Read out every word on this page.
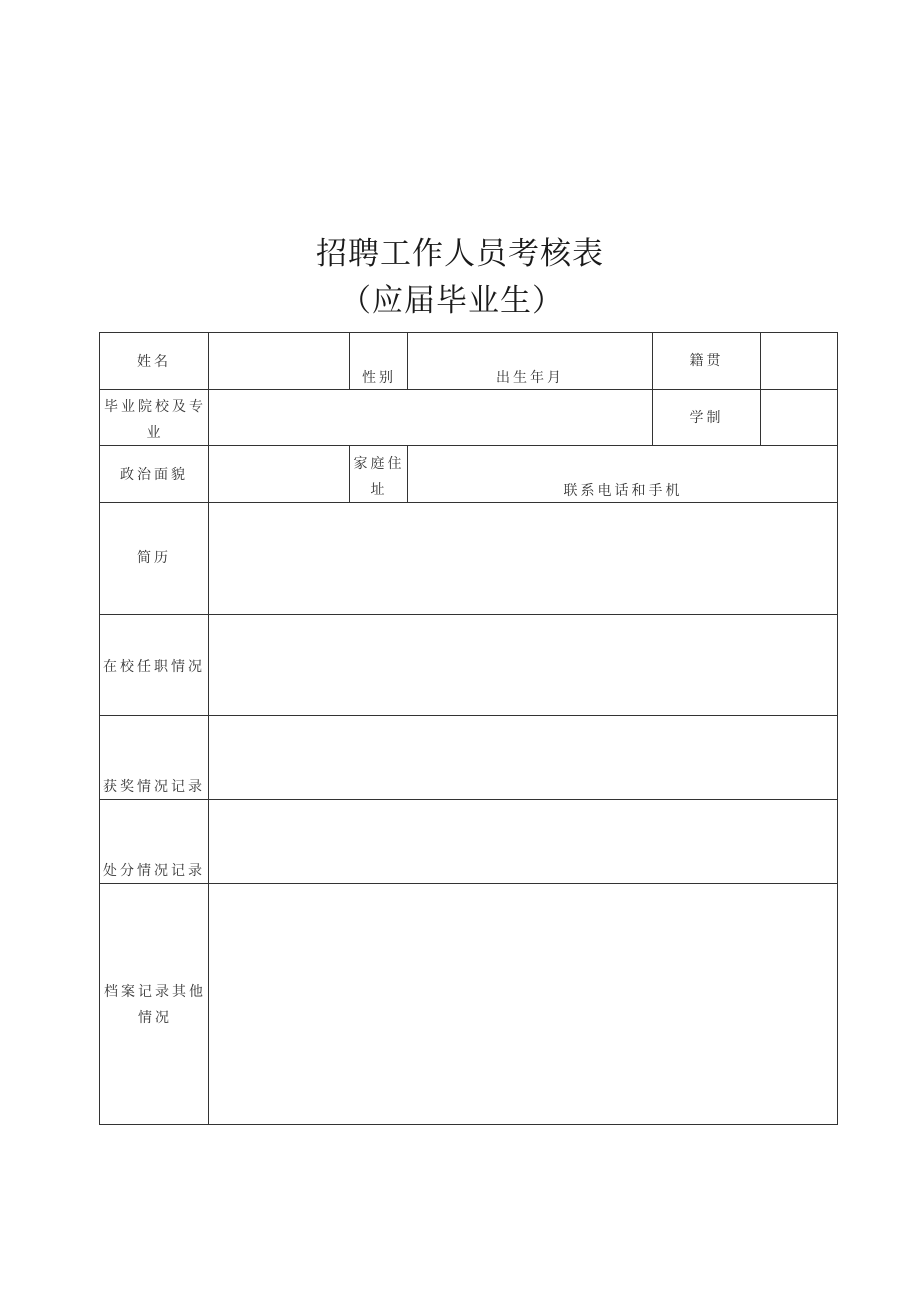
招聘工作人员考核表
（应届毕业生）
姓名
性别	出生年月
籍贯
毕业院校及专业
学制
政治面貌
家庭住址	联系电话和手机
简历
在校任职情况
获奖情况记录
处分情况记录
档案记录其他情况
